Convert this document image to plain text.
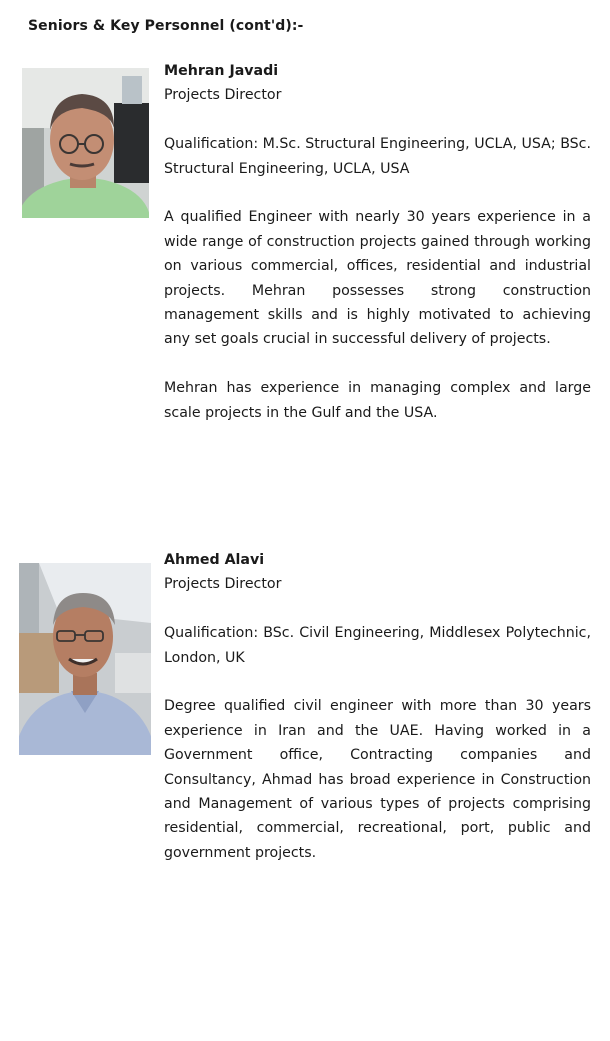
Seniors & Key Personnel (cont'd):-

Mehran Javadi

Projects Director

Qualification: M.Sc. Structural Engineering, UCLA, USA; BSc. Structural Engineering, UCLA, USA

A qualified Engineer with nearly 30 years experience in a wide range of construction projects gained through working on various commercial, offices, residential and industrial projects. Mehran possesses strong construction management skills and is highly motivated to achieving any set goals crucial in successful delivery of projects.

Mehran has experience in managing complex and large scale projects in the Gulf and the USA.

Ahmed Alavi

Projects Director

Qualification: BSc. Civil Engineering, Middlesex Polytechnic, London, UK

Degree qualified civil engineer with more than 30 years experience in Iran and the UAE. Having worked in a Government office, Contracting companies and Consultancy, Ahmad has broad experience in Construction and Management of various types of projects comprising residential, commercial, recreational, port, public and government projects.
